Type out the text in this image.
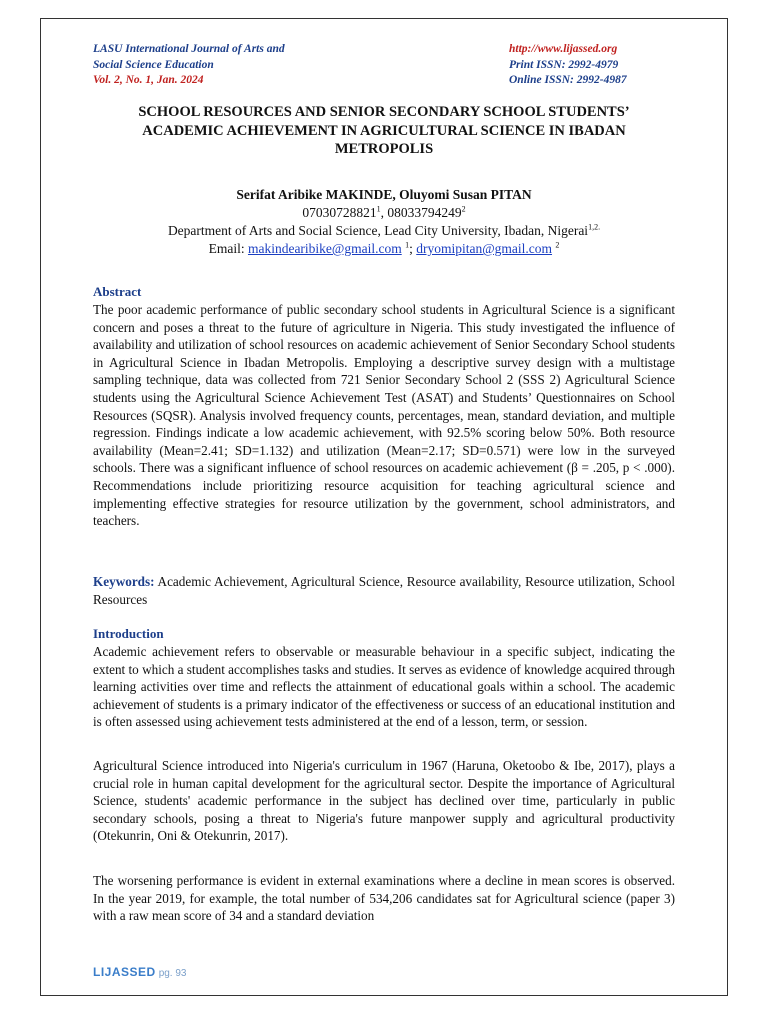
LASU International Journal of Arts and
Social Science Education
Vol. 2, No. 1, Jan. 2024
http://www.lijassed.org
Print ISSN: 2992-4979
Online ISSN: 2992-4987
SCHOOL RESOURCES AND SENIOR SECONDARY SCHOOL STUDENTS’
ACADEMIC ACHIEVEMENT IN AGRICULTURAL SCIENCE IN IBADAN
METROPOLIS
Serifat Aribike MAKINDE, Oluyomi Susan PITAN
07030728821$^1$, 08033794249$^2$
Department of Arts and Social Science, Lead City University, Ibadan, Nigerai$^{1,2.}$
Email: makindearibike@gmail.com $^1$; dryomipitan@gmail.com $^2$
Abstract
The poor academic performance of public secondary school students in Agricultural Science is a significant concern and poses a threat to the future of agriculture in Nigeria. This study investigated the influence of availability and utilization of school resources on academic achievement of Senior Secondary School students in Agricultural Science in Ibadan Metropolis. Employing a descriptive survey design with a multistage sampling technique, data was collected from 721 Senior Secondary School 2 (SSS 2) Agricultural Science students using the Agricultural Science Achievement Test (ASAT) and Students’ Questionnaires on School Resources (SQSR). Analysis involved frequency counts, percentages, mean, standard deviation, and multiple regression. Findings indicate a low academic achievement, with 92.5% scoring below 50%. Both resource availability (Mean=2.41; SD=1.132) and utilization (Mean=2.17; SD=0.571) were low in the surveyed schools. There was a significant influence of school resources on academic achievement (β = .205, p < .000). Recommendations include prioritizing resource acquisition for teaching agricultural science and implementing effective strategies for resource utilization by the government, school administrators, and teachers.
Keywords: Academic Achievement, Agricultural Science, Resource availability, Resource utilization, School Resources
Introduction
Academic achievement refers to observable or measurable behaviour in a specific subject, indicating the extent to which a student accomplishes tasks and studies. It serves as evidence of knowledge acquired through learning activities over time and reflects the attainment of educational goals within a school. The academic achievement of students is a primary indicator of the effectiveness or success of an educational institution and is often assessed using achievement tests administered at the end of a lesson, term, or session.
Agricultural Science introduced into Nigeria's curriculum in 1967 (Haruna, Oketoobo & Ibe, 2017), plays a crucial role in human capital development for the agricultural sector. Despite the importance of Agricultural Science, students' academic performance in the subject has declined over time, particularly in public secondary schools, posing a threat to Nigeria's future manpower supply and agricultural productivity (Otekunrin, Oni & Otekunrin, 2017).
The worsening performance is evident in external examinations where a decline in mean scores is observed. In the year 2019, for example, the total number of 534,206 candidates sat for Agricultural science (paper 3) with a raw mean score of 34 and a standard deviation
LIJASSED pg. 93
